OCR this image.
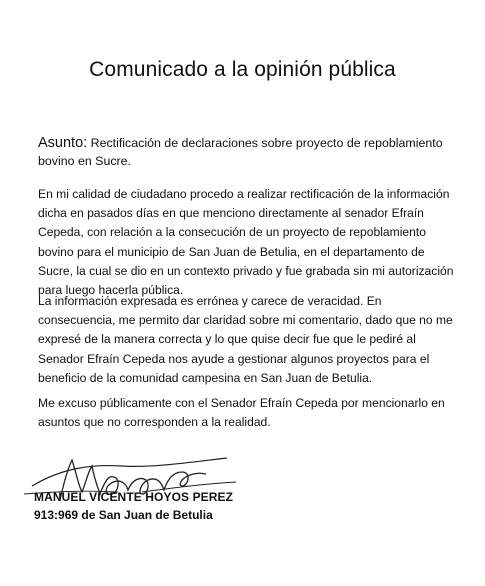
Comunicado a la opinión pública
Asunto: Rectificación de declaraciones sobre proyecto de repoblamiento bovino en Sucre.

En mi calidad de ciudadano procedo a realizar rectificación de la información dicha en pasados días en que menciono directamente al senador Efraín Cepeda, con relación a la consecución de un proyecto de repoblamiento bovino para el municipio de San Juan de Betulia, en el departamento de Sucre, la cual se dio en un contexto privado y fue grabada sin mi autorización para luego hacerla pública.

La información expresada es errónea y carece de veracidad. En consecuencia, me permito dar claridad sobre mi comentario, dado que no me expresé de la manera correcta y lo que quise decir fue que le pediré al Senador Efraín Cepeda nos ayude a gestionar algunos proyectos para el beneficio de la comunidad campesina en San Juan de Betulia.

Me excuso públicamente con el Senador Efraín Cepeda por mencionarlo en asuntos que no corresponden a la realidad.

MANUEL VICENTE HOYOS PEREZ
913:969 de San Juan de Betulia
